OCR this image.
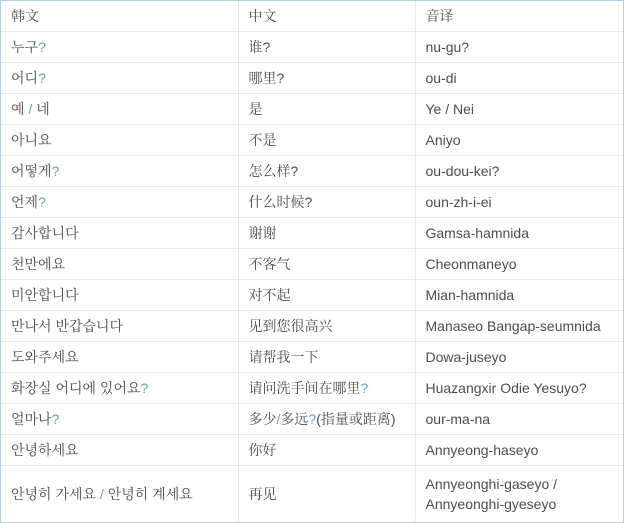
韩文	中文	音译
누구?	谁?	nu-gu?
어디?	哪里?	ou-di
예 / 네	是	Ye / Nei
아니요	不是	Aniyo
어떻게?	怎么样?	ou-dou-kei?
언제?	什么时候?	oun-zh-i-ei
감사합니다	谢谢	Gamsa-hamnida
천만에요	不客气	Cheonmaneyo
미안합니다	对不起	Mian-hamnida
만나서 반갑습니다	见到您很高兴	Manaseo Bangap-seumnida
도와주세요	请帮我一下	Dowa-juseyo
화장실 어디에 있어요?	请问洗手间在哪里?	Huazangxir Odie Yesuyo?
얼마나?	多少/多远?(指量或距离)	our-ma-na
안녕하세요	你好	Annyeong-haseyo
안녕히 가세요 / 안녕히 계세요	再见	Annyeonghi-gaseyo / Annyeonghi-gyeseyo
